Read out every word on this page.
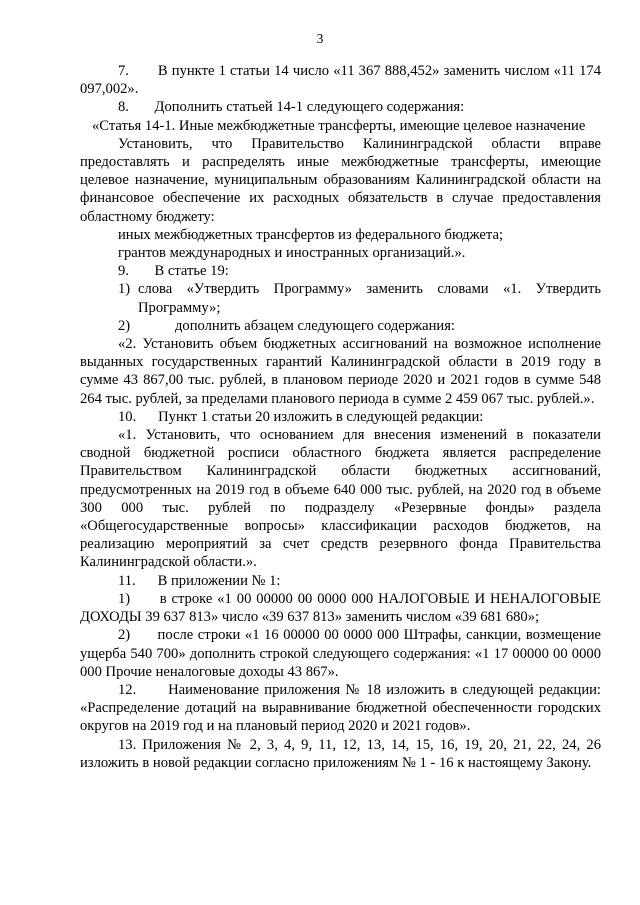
3

7.       В пункте 1 статьи 14 число «11 367 888,452» заменить числом «11 174 097,002».

8.       Дополнить статьей 14-1 следующего содержания:

«Статья 14-1. Иные межбюджетные трансферты, имеющие целевое назначение

Установить, что Правительство Калининградской области вправе предоставлять и распределять иные межбюджетные трансферты, имеющие целевое назначение, муниципальным образованиям Калининградской области на финансовое обеспечение их расходных обязательств в случае предоставления областному бюджету:

иных межбюджетных трансфертов из федерального бюджета;

грантов международных и иностранных организаций.».

9.       В статье 19:

1) слова «Утвердить Программу» заменить словами «1. Утвердить Программу»;
2)	дополнить абзацем следующего содержания:

«2. Установить объем бюджетных ассигнований на возможное исполнение выданных государственных гарантий Калининградской области в 2019 году в сумме 43 867,00 тыс. рублей, в плановом периоде 2020 и 2021 годов в сумме 548 264 тыс. рублей, за пределами планового периода в сумме 2 459 067 тыс. рублей.».

10.      Пункт 1 статьи 20 изложить в следующей редакции:

«1. Установить, что основанием для внесения изменений в показатели сводной бюджетной росписи областного бюджета является распределение Правительством Калининградской области бюджетных ассигнований, предусмотренных на 2019 год в объеме 640 000 тыс. рублей, на 2020 год в объеме 300 000 тыс. рублей по подразделу «Резервные фонды» раздела «Общегосударственные вопросы» классификации расходов бюджетов, на реализацию мероприятий за счет средств резервного фонда Правительства Калининградской области.».

11.      В приложении № 1:

1)      в строке «1 00 00000 00 0000 000 НАЛОГОВЫЕ И НЕНАЛОГОВЫЕ ДОХОДЫ 39 637 813» число «39 637 813» заменить числом «39 681 680»;

2)      после строки «1 16 00000 00 0000 000 Штрафы, санкции, возмещение ущерба 540 700» дополнить строкой следующего содержания: «1 17 00000 00 0000 000 Прочие неналоговые доходы 43 867».

12.      Наименование приложения № 18 изложить в следующей редакции: «Распределение дотаций на выравнивание бюджетной обеспеченности городских округов на 2019 год и на плановый период 2020 и 2021 годов».

13. Приложения № 2, 3, 4, 9, 11, 12, 13, 14, 15, 16, 19, 20, 21, 22, 24, 26 изложить в новой редакции согласно приложениям № 1 - 16 к настоящему Закону.
